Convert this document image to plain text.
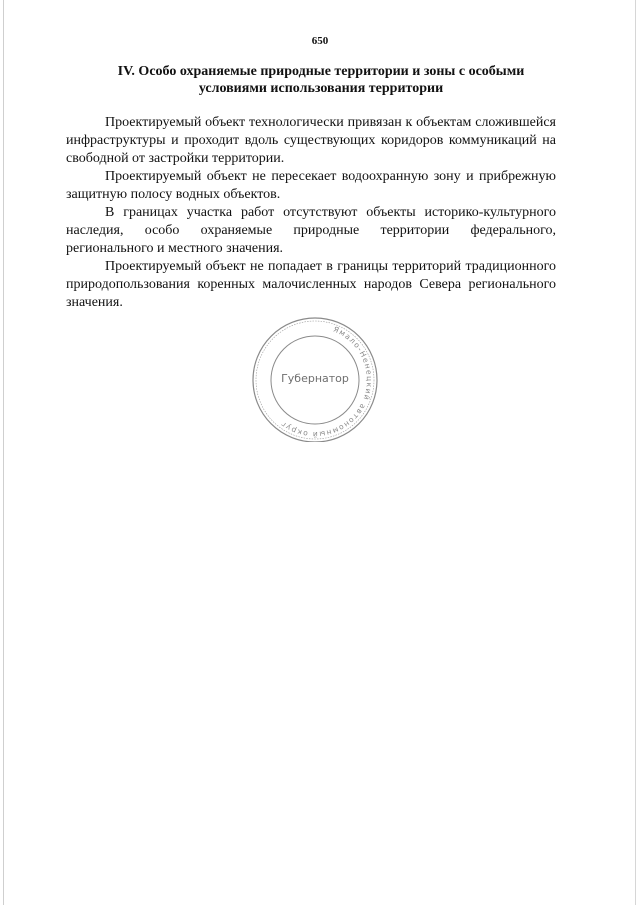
650
IV. Особо охраняемые природные территории и зоны с особыми
условиями использования территории

Проектируемый объект технологически привязан к объектам сложившейся инфраструктуры и проходит вдоль существующих коридоров коммуникаций на свободной от застройки территории.

Проектируемый объект не пересекает водоохранную зону и прибрежную защитную полосу водных объектов.

В границах участка работ отсутствуют объекты историко-культурного наследия, особо охраняемые природные территории федерального, регионального и местного значения.

Проектируемый объект не попадает в границы территорий традиционного природопользования коренных малочисленных народов Севера регионального значения.

Ямало-Ненецкий автономный округ
Губернатор
